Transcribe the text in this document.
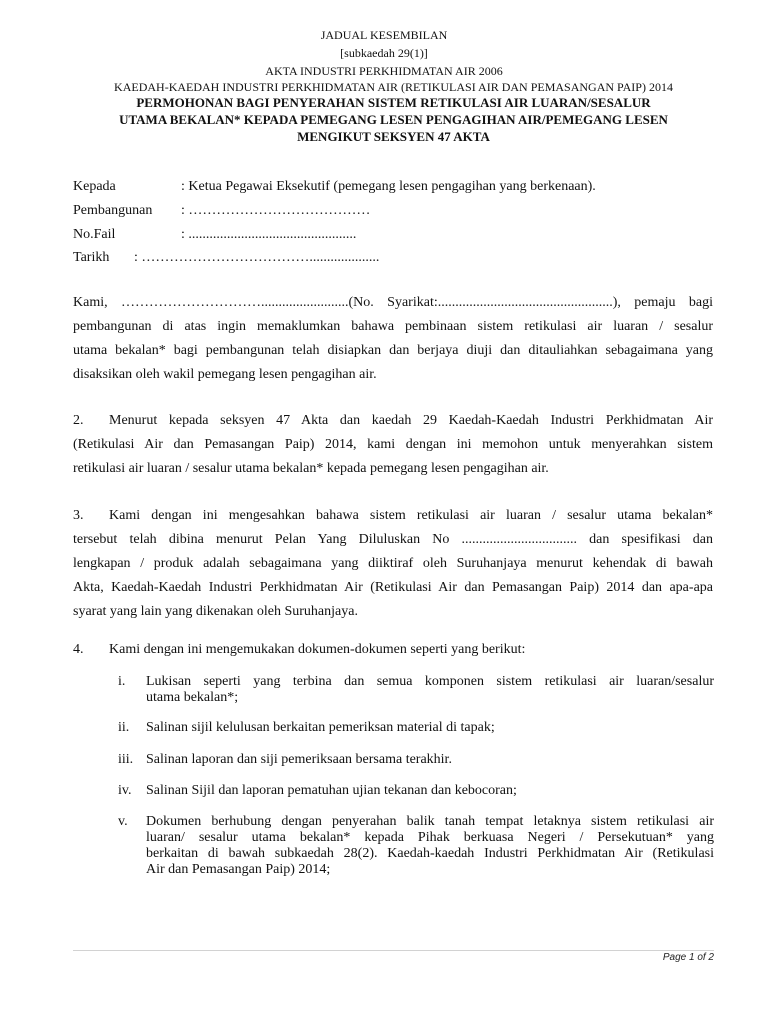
JADUAL KESEMBILAN
[subkaedah 29(1)]
AKTA INDUSTRI PERKHIDMATAN AIR 2006
KAEDAH-KAEDAH INDUSTRI PERKHIDMATAN AIR (RETIKULASI AIR DAN PEMASANGAN PAIP) 2014
PERMOHONAN BAGI PENYERAHAN SISTEM RETIKULASI AIR LUARAN/SESALUR
UTAMA BEKALAN* KEPADA PEMEGANG LESEN PENGAGIHAN AIR/PEMEGANG LESEN
MENGIKUT SEKSYEN 47 AKTA
Kepada	: Ketua Pegawai Eksekutif (pemegang lesen pengagihan yang berkenaan).
Pembangunan : …………………………………
No.Fail	: ................................................
Tarikh : ………………………………....................
Kami, ………………………….........................(No. Syarikat:..................................................), pemaju bagi
pembangunan di atas ingin memaklumkan bahawa pembinaan sistem retikulasi air luaran / sesalur
utama bekalan* bagi pembangunan telah disiapkan dan berjaya diuji dan ditauliahkan sebagaimana yang
disaksikan oleh wakil pemegang lesen pengagihan air.
2. Menurut kepada seksyen 47 Akta dan kaedah 29 Kaedah-Kaedah Industri Perkhidmatan Air
(Retikulasi Air dan Pemasangan Paip) 2014, kami dengan ini memohon untuk menyerahkan sistem
retikulasi air luaran / sesalur utama bekalan* kepada pemegang lesen pengagihan air.
3. Kami dengan ini mengesahkan bahawa sistem retikulasi air luaran / sesalur utama bekalan*
tersebut telah dibina menurut Pelan Yang Diluluskan No ................................. dan spesifikasi dan
lengkapan / produk adalah sebagaimana yang diiktiraf oleh Suruhanjaya menurut kehendak di bawah
Akta, Kaedah-Kaedah Industri Perkhidmatan Air (Retikulasi Air dan Pemasangan Paip) 2014 dan apa-apa
syarat yang lain yang dikenakan oleh Suruhanjaya.
4. Kami dengan ini mengemukakan dokumen-dokumen seperti yang berikut:
i. Lukisan seperti yang terbina dan semua komponen sistem retikulasi air luaran/sesalur
utama bekalan*;
ii. Salinan sijil kelulusan berkaitan pemeriksan material di tapak;
iii. Salinan laporan dan siji pemeriksaan bersama terakhir.
iv. Salinan Sijil dan laporan pematuhan ujian tekanan dan kebocoran;
v. Dokumen berhubung dengan penyerahan balik tanah tempat letaknya sistem retikulasi air
luaran/ sesalur utama bekalan* kepada Pihak berkuasa Negeri / Persekutuan* yang
berkaitan di bawah subkaedah 28(2). Kaedah-kaedah Industri Perkhidmatan Air (Retikulasi
Air dan Pemasangan Paip) 2014;
Page 1 of 2
